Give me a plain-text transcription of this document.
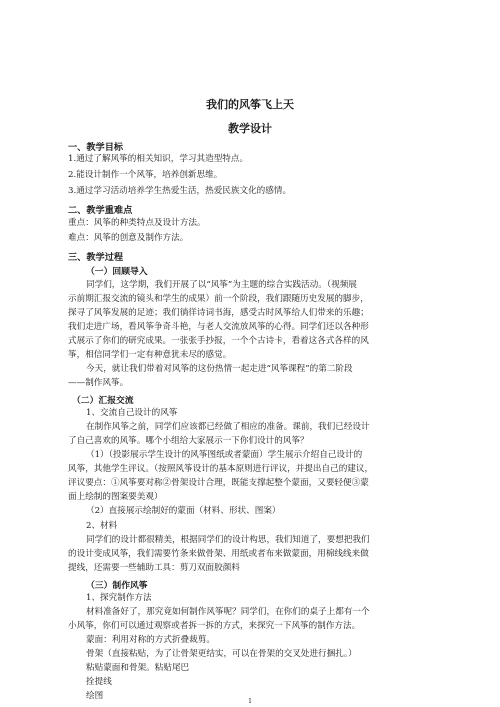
我们的风筝飞上天
教学设计
一、教学目标
1.通过了解风筝的相关知识，学习其造型特点。
2.能设计制作一个风筝，培养创新思维。
3.通过学习活动培养学生热爱生活，热爱民族文化的感情。
二、教学重难点
重点：风筝的种类特点及设计方法。
难点：风筝的创意及制作方法。
三、教学过程
（一）回顾导入
同学们，这学期，我们开展了以“风筝”为主题的综合实践活动。（视频展
示前期汇报交流的镜头和学生的成果）前一个阶段，我们跟随历史发展的脚步，
探寻了风筝发展的足迹；我们徜徉诗词书海，感受古时风筝给人们带来的乐趣；
我们走进广场，看风筝争奇斗艳，与老人交流放风筝的心得。同学们还以各种形
式展示了你们的研究成果。一张张手抄报，一个个古诗卡，看着这各式各样的风
筝，相信同学们一定有种意犹未尽的感觉。
今天，就让我们带着对风筝的这份热情一起走进“风筝课程”的第二阶段
——制作风筝。
（二）汇报交流
1、交流自己设计的风筝
在制作风筝之前，同学们应该都已经做了相应的准备。课前，我们已经设计
了自己喜欢的风筝。哪个小组给大家展示一下你们设计的风筝？
（1）（投影展示学生设计的风筝图纸或者蒙面）学生展示介绍自己设计的
风筝，其他学生评议。（按照风筝设计的基本原则进行评议，并提出自己的建议，
评议要点：①风筝要对称②骨架设计合理，既能支撑起整个蒙面，又要轻便③蒙
面上绘制的图案要美观）
（2）直接展示绘制好的蒙面（材料、形状、图案）
2、材料
同学们的设计都很精美，根据同学们的设计构思，我们知道了，要想把我们
的设计变成风筝，我们需要竹条来做骨架、用纸或者布来做蒙面，用棉线线来做
提线，还需要一些辅助工具：剪刀双面胶颜料
（三）制作风筝
1、探究制作方法
材料准备好了，那究竟如何制作风筝呢？同学们，在你们的桌子上都有一个
小风筝，你们可以通过观察或者拆一拆的方式，来探究一下风筝的制作方法。
蒙面：利用对称的方式折叠裁剪。
骨架（直接粘贴，为了让骨架更结实，可以在骨架的交叉处进行捆扎。）
粘贴蒙面和骨架。粘贴尾巴
拴提线
绘图
1
